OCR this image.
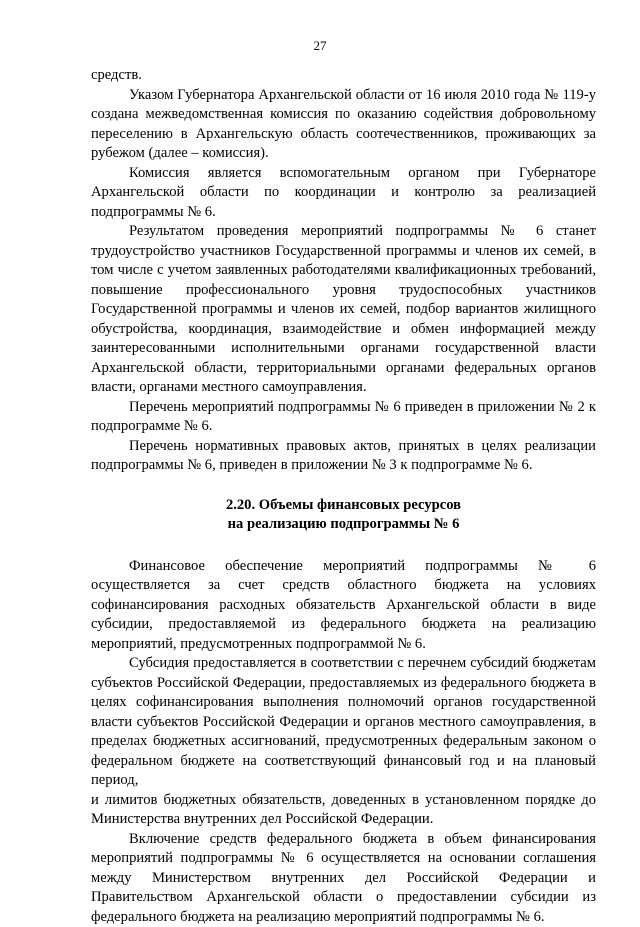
27

средств.

Указом Губернатора Архангельской области от 16 июля 2010 года № 119-у создана межведомственная комиссия по оказанию содействия добровольному переселению в Архангельскую область соотечественников, проживающих за рубежом (далее – комиссия).

Комиссия является вспомогательным органом при Губернаторе Архангельской области по координации и контролю за реализацией подпрограммы № 6.

Результатом проведения мероприятий подпрограммы № 6 станет трудоустройство участников Государственной программы и членов их семей, в том числе с учетом заявленных работодателями квалификационных требований, повышение профессионального уровня трудоспособных участников Государственной программы и членов их семей, подбор вариантов жилищного обустройства, координация, взаимодействие и обмен информацией между заинтересованными исполнительными органами государственной власти Архангельской области, территориальными органами федеральных органов власти, органами местного самоуправления.

Перечень мероприятий подпрограммы № 6 приведен в приложении № 2 к подпрограмме № 6.

Перечень нормативных правовых актов, принятых в целях реализации подпрограммы № 6, приведен в приложении № 3 к подпрограмме № 6.

2.20. Объемы финансовых ресурсов
на реализацию подпрограммы № 6

Финансовое обеспечение мероприятий подпрограммы № 6 осуществляется за счет средств областного бюджета на условиях софинансирования расходных обязательств Архангельской области в виде субсидии, предоставляемой из федерального бюджета на реализацию мероприятий, предусмотренных подпрограммой № 6.

Субсидия предоставляется в соответствии с перечнем субсидий бюджетам субъектов Российской Федерации, предоставляемых из федерального бюджета в целях софинансирования выполнения полномочий органов государственной власти субъектов Российской Федерации и органов местного самоуправления, в пределах бюджетных ассигнований, предусмотренных федеральным законом о федеральном бюджете на соответствующий финансовый год и на плановый период,

и лимитов бюджетных обязательств, доведенных в установленном порядке до Министерства внутренних дел Российской Федерации.

Включение средств федерального бюджета в объем финансирования мероприятий подпрограммы № 6 осуществляется на основании соглашения между Министерством внутренних дел Российской Федерации и Правительством Архангельской области о предоставлении субсидии из федерального бюджета на реализацию мероприятий подпрограммы № 6.
